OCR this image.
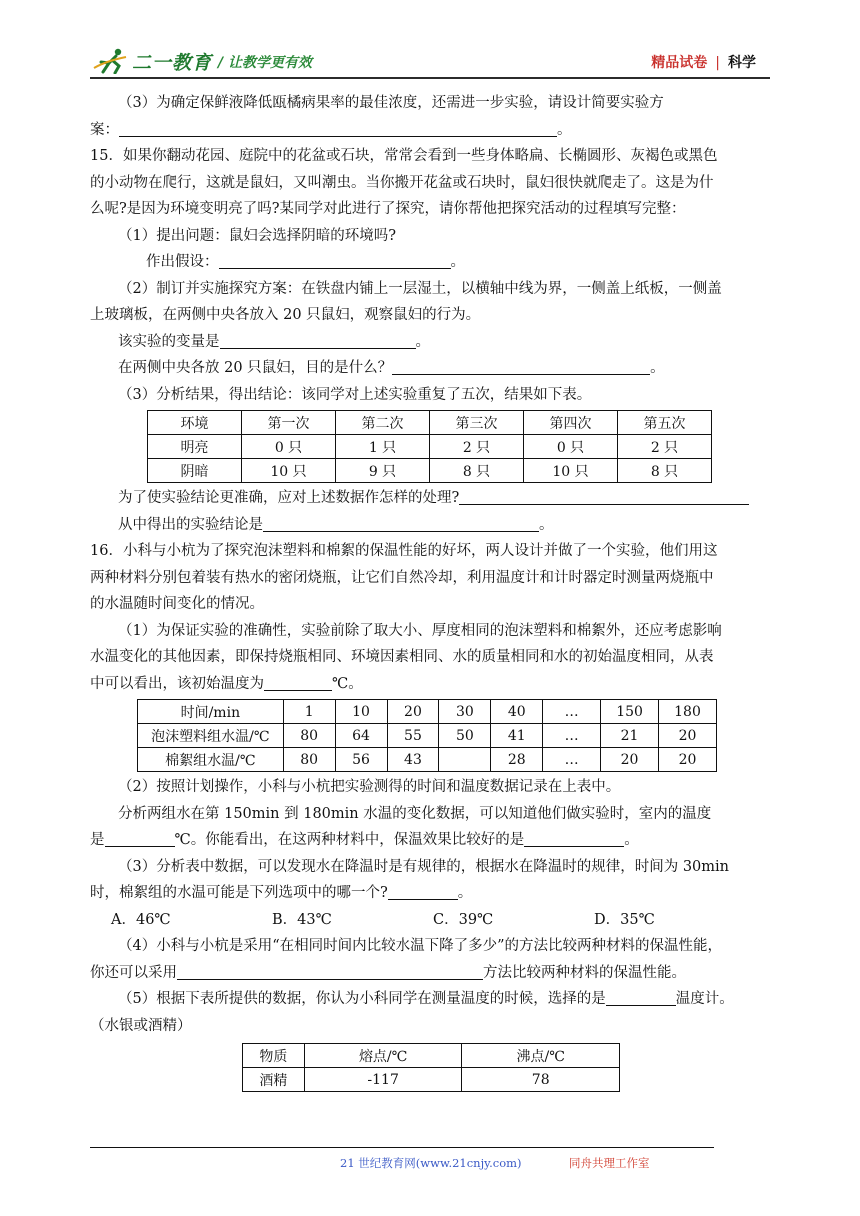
二一教育 / 让教学更有效	精品试卷 | 科学
（3）为确定保鲜液降低瓯橘病果率的最佳浓度，还需进一步实验，请设计简要实验方
案：	。
15．如果你翻动花园、庭院中的花盆或石块，常常会看到一些身体略扁、长椭圆形、灰褐色或黑色
的小动物在爬行，这就是鼠妇，又叫潮虫。当你搬开花盆或石块时，鼠妇很快就爬走了。这是为什
么呢?是因为环境变明亮了吗?某同学对此进行了探究，请你帮他把探究活动的过程填写完整：
（1）提出问题：鼠妇会选择阴暗的环境吗?
作出假设：	。
（2）制订并实施探究方案：在铁盘内铺上一层湿土，以横轴中线为界，一侧盖上纸板，一侧盖
上玻璃板，在两侧中央各放入 20 只鼠妇，观察鼠妇的行为。
该实验的变量是	。
在两侧中央各放 20 只鼠妇，目的是什么？	。
（3）分析结果，得出结论：该同学对上述实验重复了五次，结果如下表。
环境	第一次	第二次	第三次	第四次	第五次
明亮	0 只	1 只	2 只	0 只	2 只
阴暗	10 只	9 只	8 只	10 只	8 只
为了使实验结论更准确，应对上述数据作怎样的处理?
从中得出的实验结论是	。
16．小科与小杭为了探究泡沫塑料和棉絮的保温性能的好坏，两人设计并做了一个实验，他们用这
两种材料分别包着装有热水的密闭烧瓶，让它们自然冷却，利用温度计和计时器定时测量两烧瓶中
的水温随时间变化的情况。
（1）为保证实验的准确性，实验前除了取大小、厚度相同的泡沫塑料和棉絮外，还应考虑影响
水温变化的其他因素，即保持烧瓶相同、环境因素相同、水的质量相同和水的初始温度相同，从表
中可以看出，该初始温度为	℃。
时间/min	1	10	20	30	40	…	150	180
泡沫塑料组水温/℃	80	64	55	50	41	…	21	20
棉絮组水温/℃	80	56	43		28	…	20	20
（2）按照计划操作，小科与小杭把实验测得的时间和温度数据记录在上表中。
分析两组水在第 150min 到 180min 水温的变化数据，可以知道他们做实验时，室内的温度
是	℃。你能看出，在这两种材料中，保温效果比较好的是	。
（3）分析表中数据，可以发现水在降温时是有规律的，根据水在降温时的规律，时间为 30min
时，棉絮组的水温可能是下列选项中的哪一个?	。
A．46℃	B．43℃	C．39℃	D．35℃
（4）小科与小杭是采用“在相同时间内比较水温下降了多少”的方法比较两种材料的保温性能，
你还可以采用	方法比较两种材料的保温性能。
（5）根据下表所提供的数据，你认为小科同学在测量温度的时候，选择的是	温度计。
（水银或酒精）
物质	熔点/℃	沸点/℃
酒精	-117	78
21 世纪教育网(www.21cnjy.com)	同舟共理工作室
